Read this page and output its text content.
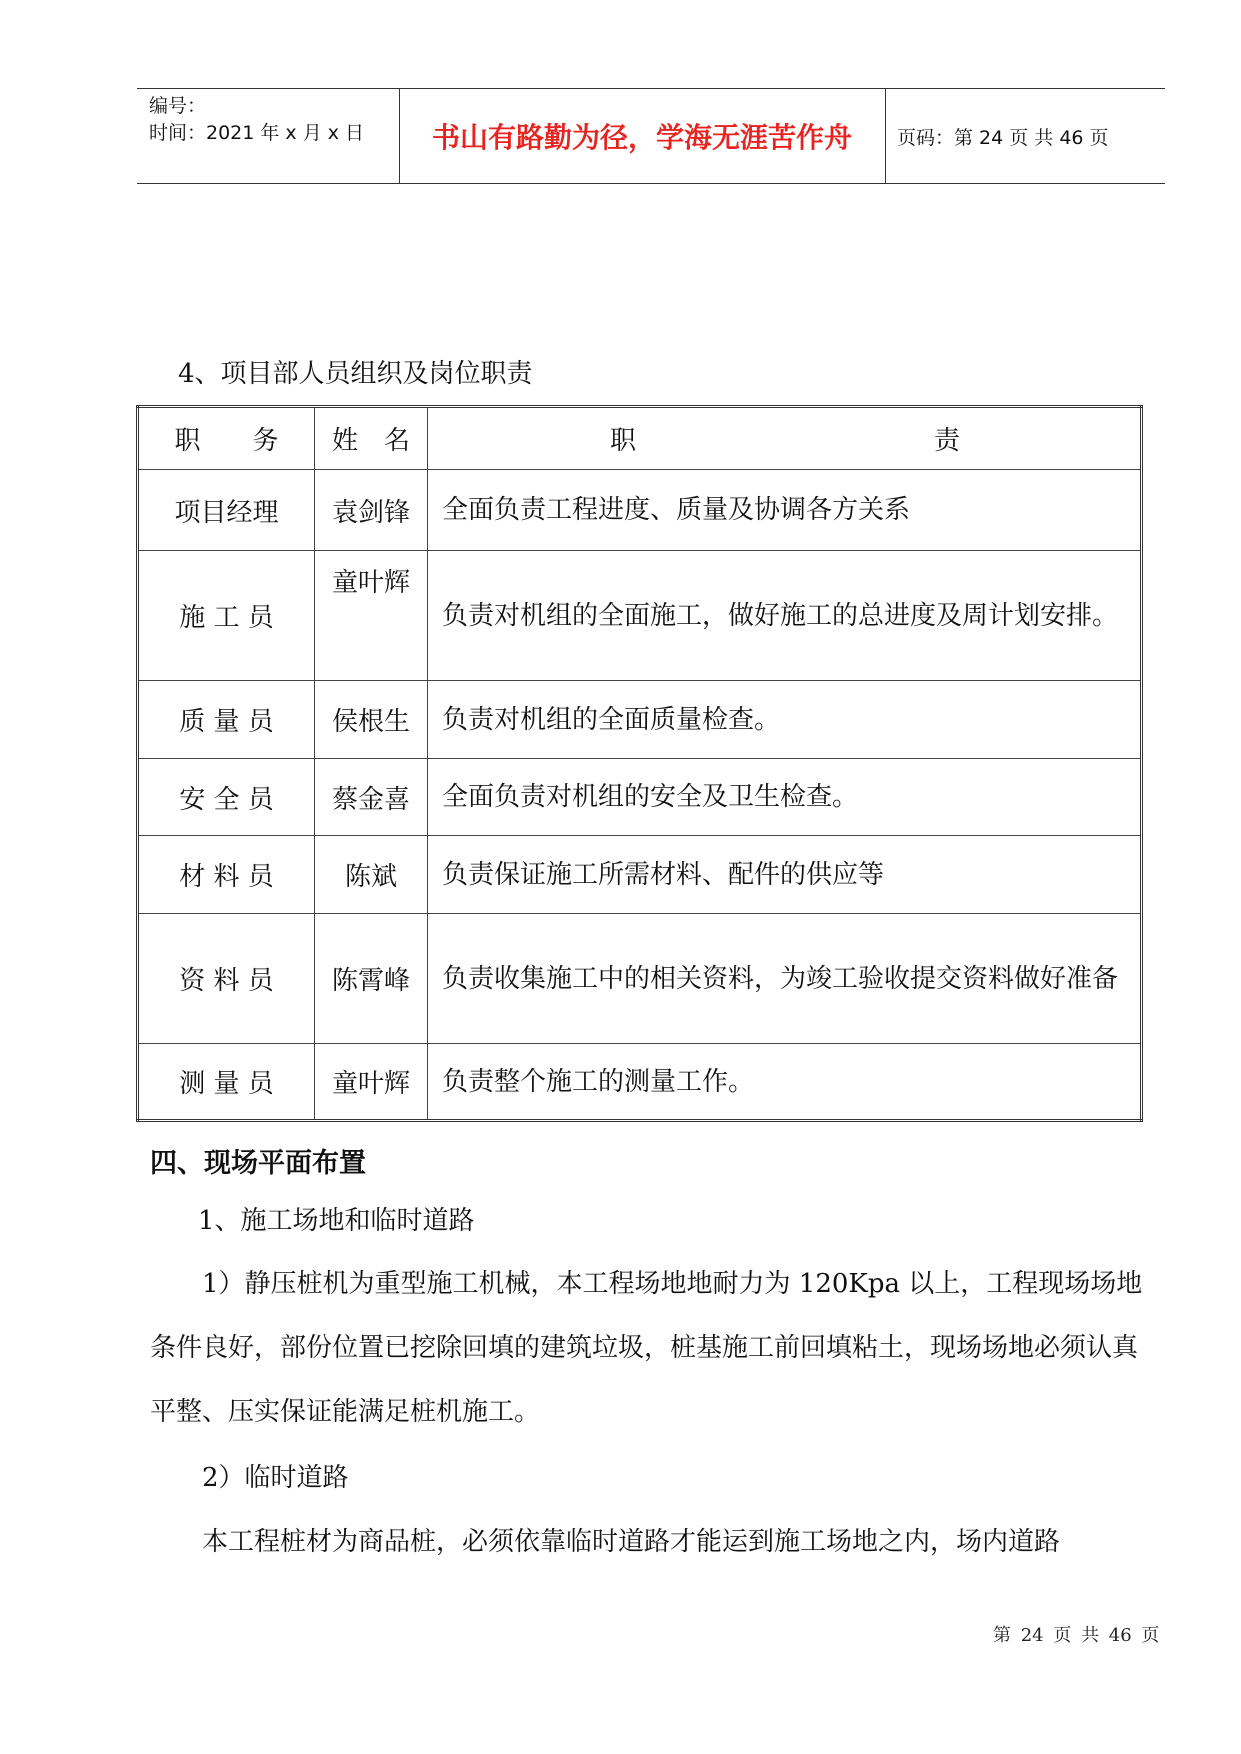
编号：
时间：2021 年 x 月 x 日	书山有路勤为径，学海无涯苦作舟	页码：第 24 页 共 46 页
4、项目部人员组织及岗位职责
职　　务	姓　名	职 责

项目经理	袁剑锋	全面负责工程进度、质量及协调各方关系
施 工 员	童叶辉	负责对机组的全面施工，做好施工的总进度及周计划安排。
质 量 员	侯根生	负责对机组的全面质量检查。
安 全 员	蔡金喜	全面负责对机组的安全及卫生检查。
材 料 员	陈斌	负责保证施工所需材料、配件的供应等
资 料 员	陈霄峰	负责收集施工中的相关资料，为竣工验收提交资料做好准备
测 量 员	童叶辉	负责整个施工的测量工作。
四、现场平面布置
1、施工场地和临时道路
1）静压桩机为重型施工机械，本工程场地地耐力为 120Kpa 以上，工程现场场地条件良好，部份位置已挖除回填的建筑垃圾，桩基施工前回填粘土，现场场地必须认真平整、压实保证能满足桩机施工。
2）临时道路
本工程桩材为商品桩，必须依靠临时道路才能运到施工场地之内，场内道路
第 24 页 共 46 页
